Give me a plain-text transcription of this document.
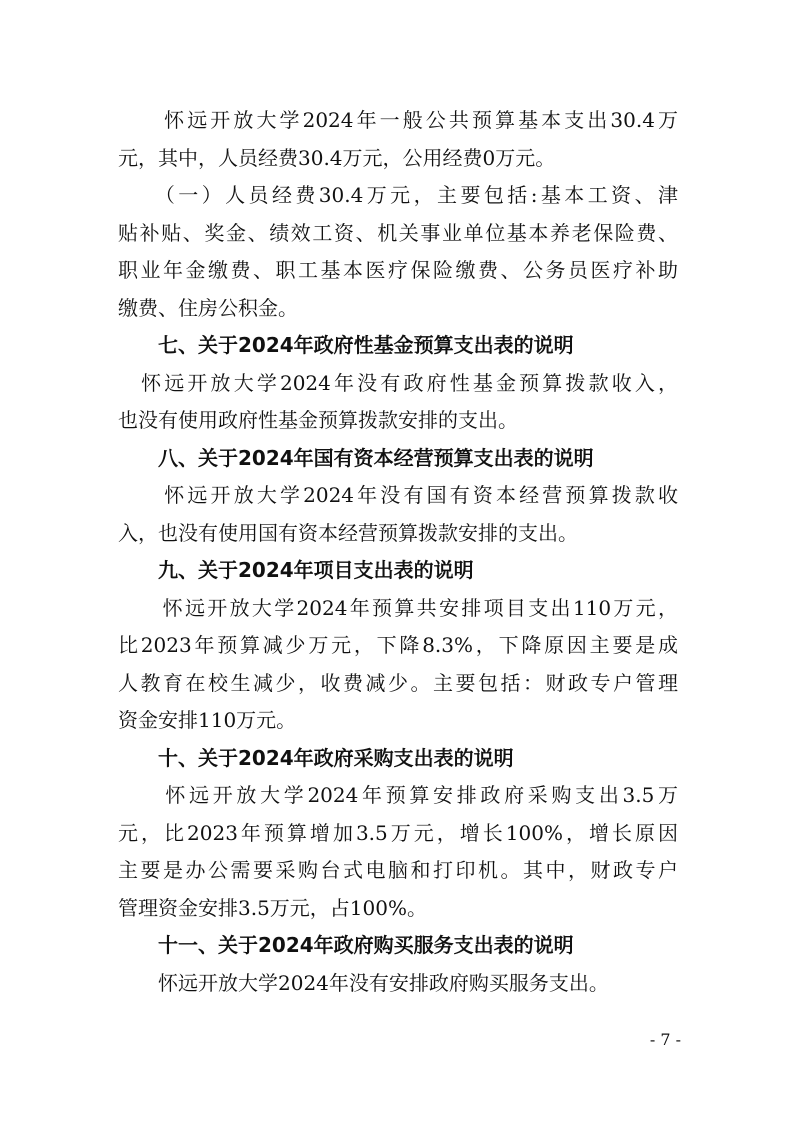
　　怀远开放大学2024年一般公共预算基本支出30.4万
元，其中，人员经费30.4万元，公用经费0万元。
　　（一）人员经费30.4万元，主要包括:基本工资、津
贴补贴、奖金、绩效工资、机关事业单位基本养老保险费、
职业年金缴费、职工基本医疗保险缴费、公务员医疗补助
缴费、住房公积金。
　　七、关于2024年政府性基金预算支出表的说明
　怀远开放大学2024年没有政府性基金预算拨款收入，
也没有使用政府性基金预算拨款安排的支出。
　　八、关于2024年国有资本经营预算支出表的说明
　　怀远开放大学2024年没有国有资本经营预算拨款收
入，也没有使用国有资本经营预算拨款安排的支出。
　　九、关于2024年项目支出表的说明
　　怀远开放大学2024年预算共安排项目支出110万元，
比2023年预算减少万元，下降8.3%，下降原因主要是成
人教育在校生减少，收费减少。主要包括：财政专户管理
资金安排110万元。
　　十、关于2024年政府采购支出表的说明
　　怀远开放大学2024年预算安排政府采购支出3.5万
元，比2023年预算增加3.5万元，增长100%，增长原因
主要是办公需要采购台式电脑和打印机。其中，财政专户
管理资金安排3.5万元，占100%。
　　十一、关于2024年政府购买服务支出表的说明
　　怀远开放大学2024年没有安排政府购买服务支出。
- 7 -
